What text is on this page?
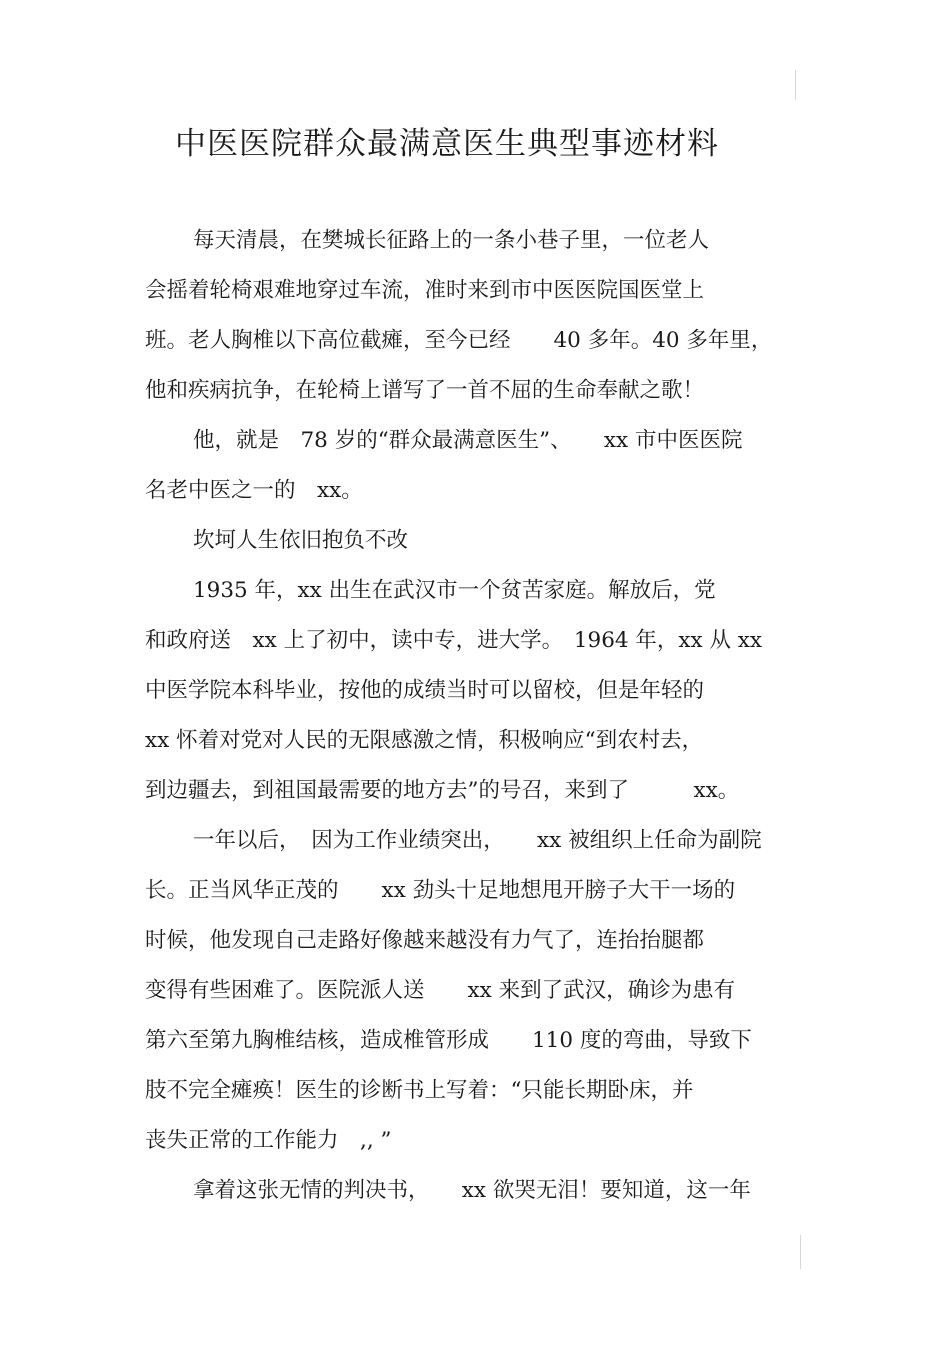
中医医院群众最满意医生典型事迹材料
每天清晨，在樊城长征路上的一条小巷子里，一位老人
会摇着轮椅艰难地穿过车流，准时来到市中医医院国医堂上
班。老人胸椎以下高位截瘫，至今已经　　40 多年。40 多年里，
他和疾病抗争，在轮椅上谱写了一首不屈的生命奉献之歌！
他，就是　78 岁的“群众最满意医生”、　　xx 市中医医院
名老中医之一的　xx。
坎坷人生依旧抱负不改
1935 年，xx 出生在武汉市一个贫苦家庭。解放后，党
和政府送　xx 上了初中，读中专，进大学。　1964 年，xx 从 xx
中医学院本科毕业，按他的成绩当时可以留校，但是年轻的
xx 怀着对党对人民的无限感激之情，积极响应“到农村去，
到边疆去，到祖国最需要的地方去”的号召，来到了　　　xx。
一年以后，　因为工作业绩突出，　　xx 被组织上任命为副院
长。正当风华正茂的　　xx 劲头十足地想甩开膀子大干一场的
时候，他发现自己走路好像越来越没有力气了，连抬抬腿都
变得有些困难了。医院派人送　　xx 来到了武汉，确诊为患有
第六至第九胸椎结核，造成椎管形成　　110 度的弯曲，导致下
肢不完全瘫痪！医生的诊断书上写着：“只能长期卧床，并
丧失正常的工作能力　,, ”
拿着这张无情的判决书，　　xx 欲哭无泪！要知道，这一年
